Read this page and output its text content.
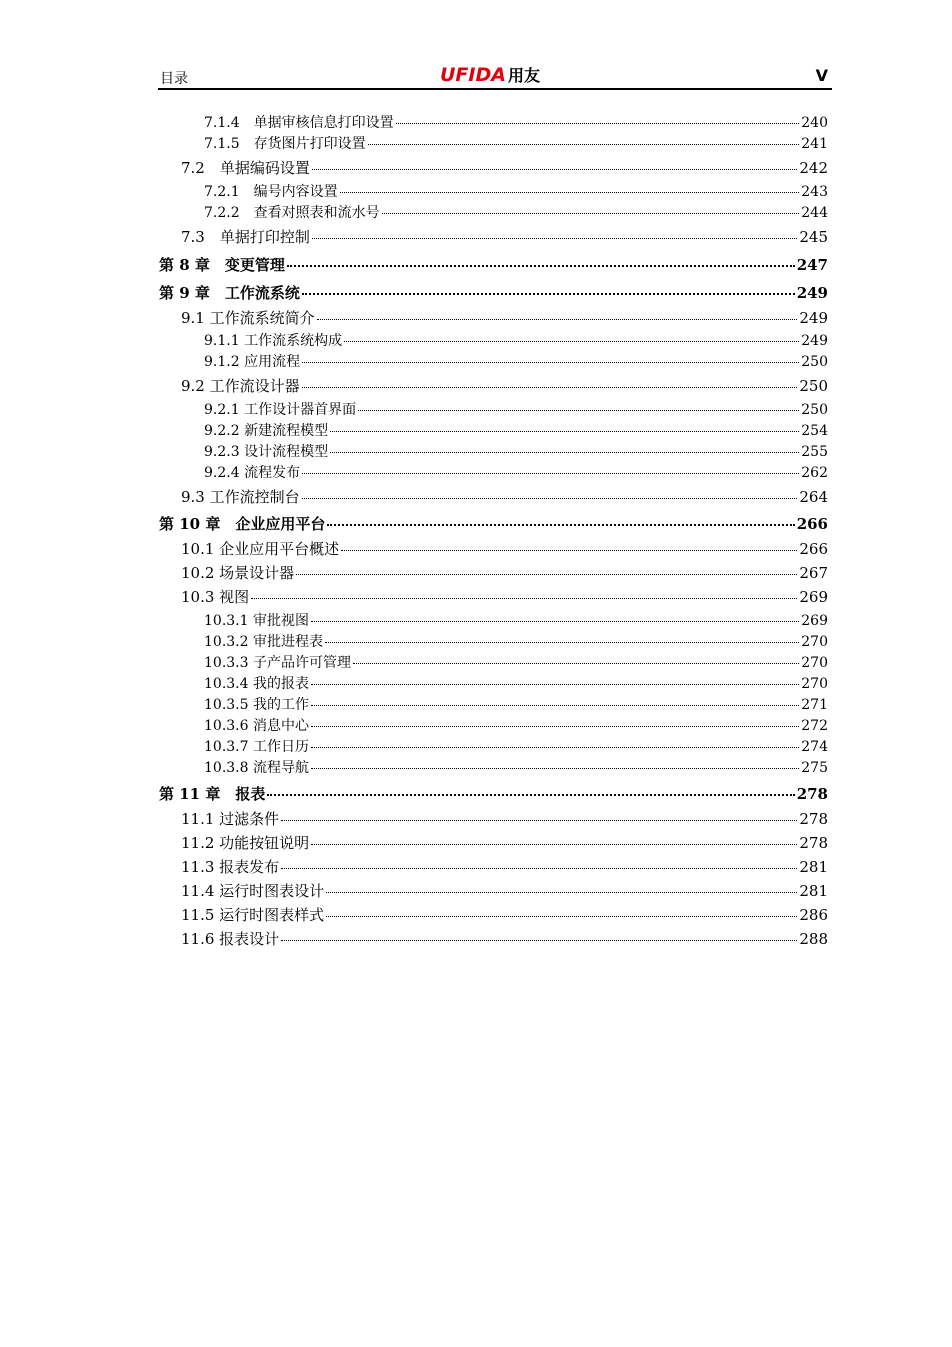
目录	UFIDA 用友	V
7.1.4　单据审核信息打印设置	240
7.1.5　存货图片打印设置	241
7.2　单据编码设置	242
7.2.1　编号内容设置	243
7.2.2　查看对照表和流水号	244
7.3　单据打印控制	245
第 8 章　变更管理	247
第 9 章　工作流系统	249
9.1 工作流系统简介	249
9.1.1 工作流系统构成	249
9.1.2 应用流程	250
9.2 工作流设计器	250
9.2.1 工作设计器首界面	250
9.2.2 新建流程模型	254
9.2.3 设计流程模型	255
9.2.4 流程发布	262
9.3 工作流控制台	264
第 10 章　企业应用平台	266
10.1 企业应用平台概述	266
10.2 场景设计器	267
10.3 视图	269
10.3.1 审批视图	269
10.3.2 审批进程表	270
10.3.3 子产品许可管理	270
10.3.4 我的报表	270
10.3.5 我的工作	271
10.3.6 消息中心	272
10.3.7 工作日历	274
10.3.8 流程导航	275
第 11 章　报表	278
11.1 过滤条件	278
11.2 功能按钮说明	278
11.3 报表发布	281
11.4 运行时图表设计	281
11.5 运行时图表样式	286
11.6 报表设计	288
